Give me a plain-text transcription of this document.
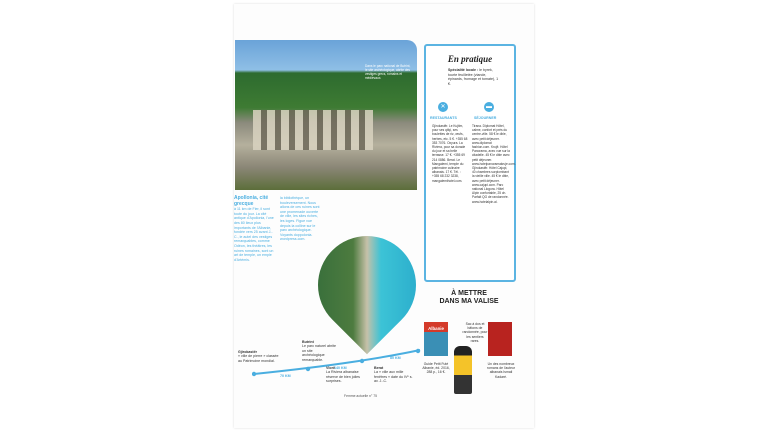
Dans le parc national de Butrint, le site archéologique, abrite des vestiges grecs, romains et médiévaux.
En pratique
Spécialité locale : le byrek, tourte feuilletée (viande, épinards, fromage et tomate), 1 €.
✕
RESTAURANTS
▬
SÉJOURNER
Gjirokastër. Le Kujtim, pour ses qifqi, ses boulettes de riz, œufs, herbes, etc. 5 €. +355 68 353 7076. Oxyura. La Riviera, pour sa dorade du jour et sa belle terrasse. 17 €. +355 69 214 0886. Berat. Le Mangalemi, temple du patrimoine culinaire albanais. 17 €. Tél. : +355 68 232 3238, mangalemihotel.com.
Tirana. Diplomat Hôtel, calme, confort et près du centre-ville. 58 € le dble, avec petit déjeuner. www.diplomat fashion.com. Krujë. Hôtel Panorama, avec vue sur la citadelle. 45 € le dble avec petit déjeuner. www.hotelpanoramakruje.com. Gjirokastër. Hôtel Cajupi, 40 chambres surplombant la vieille ville. 45 € le dble, avec petit déjeuner. www.cajupi.com. Parc national Llogora. Hôtel Alpin confortable, 25 ch. Parfait QG de randonnée. www.hotelalpin.al.
Apollonia, cité grecque
à 11 km de Fier, il sont toute du jour. La cité antique d'Apollonia, l'une des 80 lieux plus importants de l'Albanie, fondée vers 25 avant J.-C., le autel des vestiges remarquables, comme Odéon, les théâtres, les ruines romaines, sont un art de temple, un emple d'Artémis.
la bibliothèque, un bouleversement. Nous allons de ces ruines sont une promenade ouverte de ville, les sites riches, les loges. Figue vue depuis la colline sur le parc archéologique. Voyants doppolonia. wordpress.com.
70 KM
140 KM
80 KM
Gjirokastër
« ville de pierre » classée au Patrimoine mondial.
Butrint
Le parc naturel abrite un site archéologique remarquable.
Vlorë
La Riviera albanaise réserve de bien jolies surprises.
Berat
La « ville aux mille fenêtres » date du IVᵉ s. av. J.-C.
À METTRE
DANS MA VALISE
Albanie
Sac à dos et bâtons de randonnée, pour les sentiers rares.
Guide Petit Futé Albanie, éd. 2016, 288 p., 16 €.
Un des nombreux romans de l'auteur albanais Ismail Kadaré.
Femme actuelle n° 75
